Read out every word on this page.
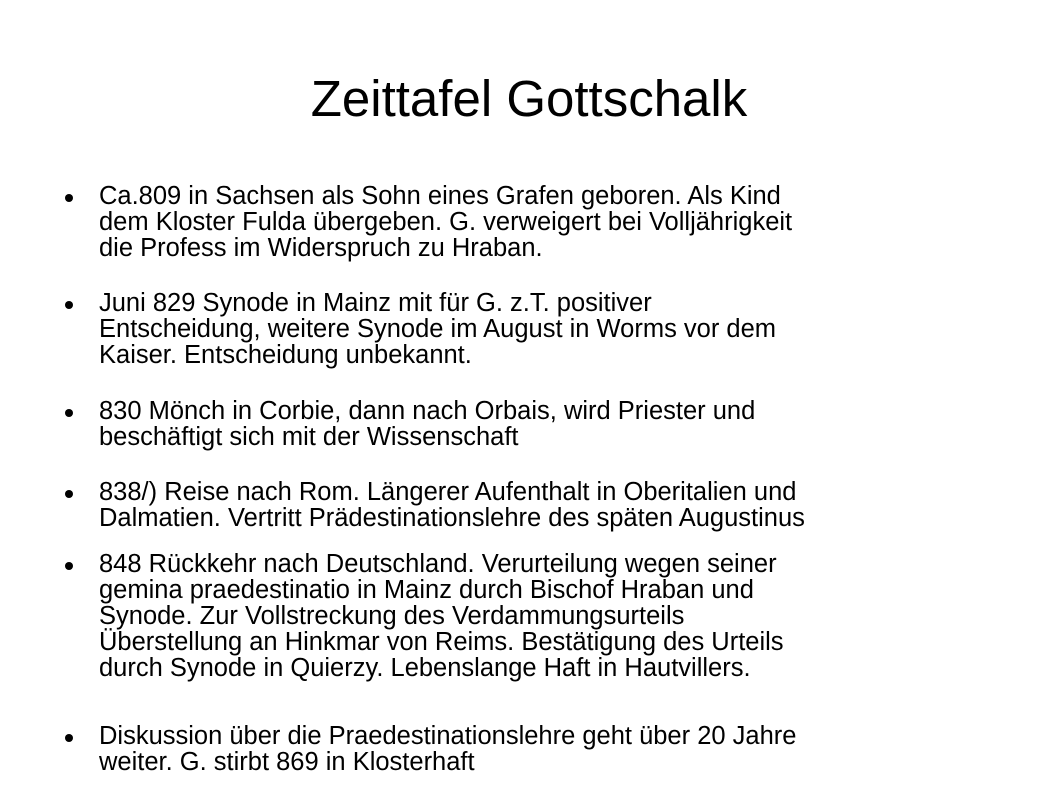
Zeittafel Gottschalk
Ca.809 in Sachsen als Sohn eines Grafen geboren. Als Kind
dem Kloster Fulda übergeben. G. verweigert bei Volljährigkeit
die Profess im Widerspruch zu Hraban.
Juni 829 Synode in Mainz mit für G. z.T. positiver
Entscheidung, weitere Synode im August in Worms vor dem
Kaiser. Entscheidung unbekannt.
830 Mönch in Corbie, dann nach Orbais, wird Priester und
beschäftigt sich mit der Wissenschaft
838/) Reise nach Rom. Längerer Aufenthalt in Oberitalien und
Dalmatien. Vertritt Prädestinationslehre des späten Augustinus
848 Rückkehr nach Deutschland. Verurteilung wegen seiner
gemina praedestinatio in Mainz durch Bischof Hraban und
Synode. Zur Vollstreckung des Verdammungsurteils
Überstellung an Hinkmar von Reims. Bestätigung des Urteils
durch Synode in Quierzy. Lebenslange Haft in Hautvillers.
Diskussion über die Praedestinationslehre geht über 20 Jahre
weiter. G. stirbt 869 in Klosterhaft
